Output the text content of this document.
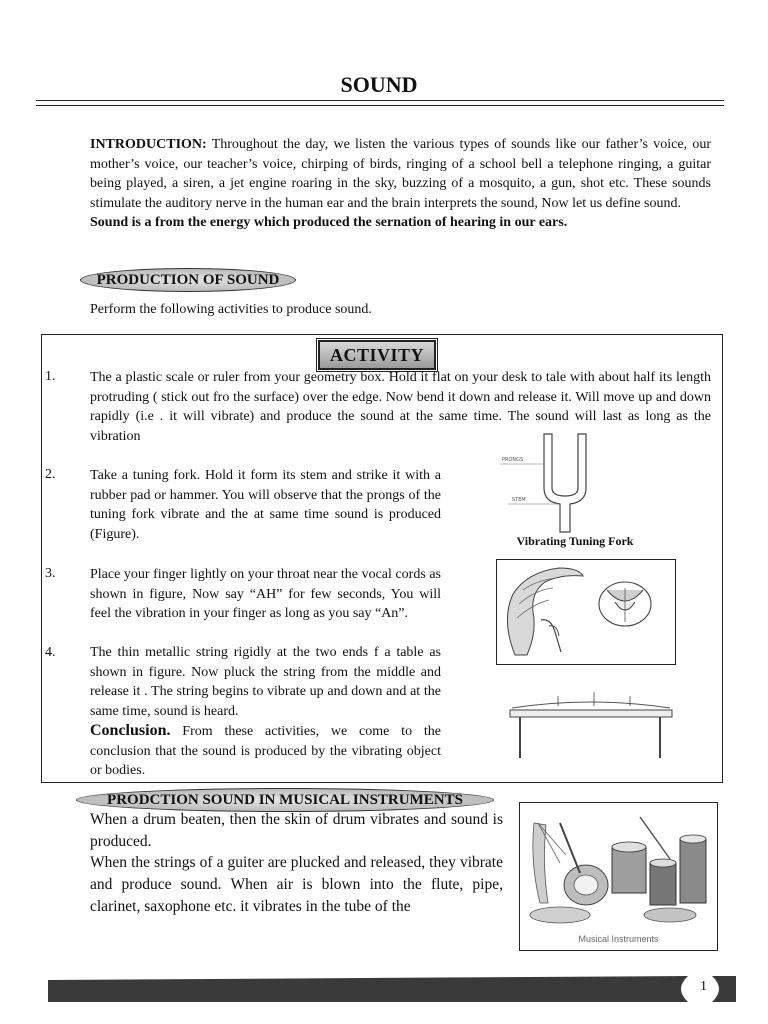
SOUND
INTRODUCTION: Throughout the day, we listen the various types of sounds like our father’s voice, our mother’s voice, our teacher’s voice, chirping of birds, ringing of a school bell a telephone ringing, a guitar being played, a siren, a jet engine roaring in the sky, buzzing of a mosquito, a gun, shot etc. These sounds stimulate the auditory nerve in the human ear and the brain interprets the sound, Now let us define sound.
Sound is a from the energy which produced the sernation of hearing in our ears.
PRODUCTION OF SOUND
Perform the following activities to produce sound.
ACTIVITY
1. The a plastic scale or ruler from your geometry box. Hold it flat on your desk to tale with about half its length protruding ( stick out fro the surface) over the edge. Now bend it down and release it. Will move up and down rapidly (i.e . it will vibrate) and produce the sound at the same time. The sound will last as long as the vibration
2. Take a tuning fork. Hold it form its stem and strike it with a rubber pad or hammer. You will observe that the prongs of the tuning fork vibrate and the at same time sound is produced (Figure).
PRONGS
STEM
Vibrating Tuning Fork
3. Place your finger lightly on your throat near the vocal cords as shown in figure, Now say “AH” for few seconds, You will feel the vibration in your finger as long as you say “An”.
4. The thin metallic string rigidly at the two ends f a table as shown in figure. Now pluck the string from the middle and release it . The string begins to vibrate up and down and at the same time, sound is heard.
Conclusion. From these activities, we come to the conclusion that the sound is produced by the vibrating object or bodies.
PRODCTION SOUND IN MUSICAL INSTRUMENTS
When a drum beaten, then the skin of drum vibrates and sound is produced.
When the strings of a guiter are plucked and released, they vibrate and produce sound. When air is blown into the flute, pipe, clarinet, saxophone etc. it vibrates in the tube of the
Musical Instruments
1
